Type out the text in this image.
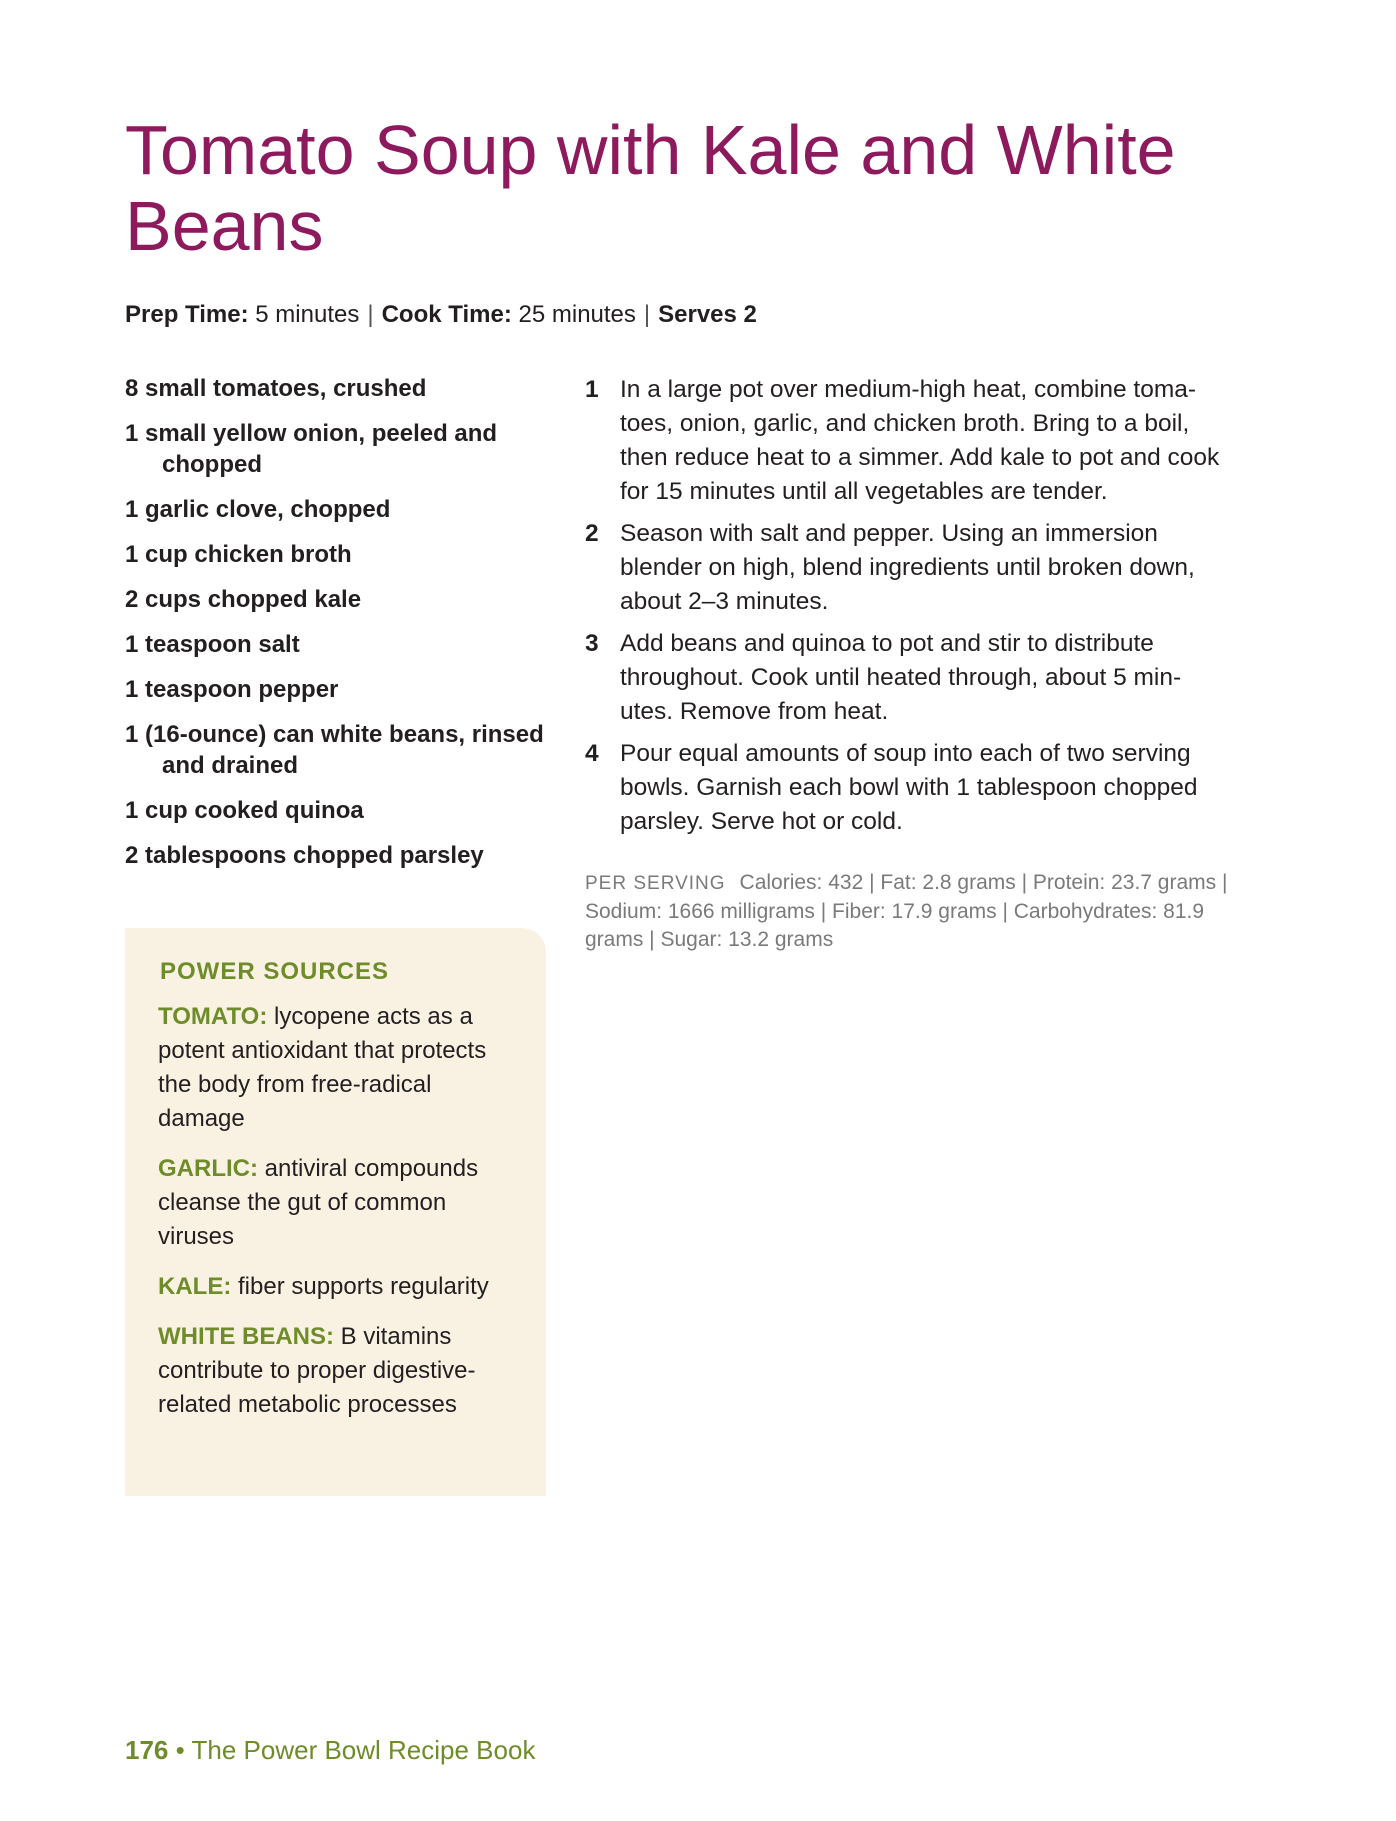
Tomato Soup with Kale and White Beans
Prep Time: 5 minutes | Cook Time: 25 minutes | Serves 2
8 small tomatoes, crushed
1 small yellow onion, peeled and chopped
1 garlic clove, chopped
1 cup chicken broth
2 cups chopped kale
1 teaspoon salt
1 teaspoon pepper
1 (16-ounce) can white beans, rinsed and drained
1 cup cooked quinoa
2 tablespoons chopped parsley
1 In a large pot over medium-high heat, combine toma- toes, onion, garlic, and chicken broth. Bring to a boil, then reduce heat to a simmer. Add kale to pot and cook for 15 minutes until all vegetables are tender.
2 Season with salt and pepper. Using an immersion blender on high, blend ingredients until broken down, about 2–3 minutes.
3 Add beans and quinoa to pot and stir to distribute throughout. Cook until heated through, about 5 min- utes. Remove from heat.
4 Pour equal amounts of soup into each of two serving bowls. Garnish each bowl with 1 tablespoon chopped parsley. Serve hot or cold.
PER SERVING Calories: 432 | Fat: 2.8 grams | Protein: 23.7 grams | Sodium: 1666 milligrams | Fiber: 17.9 grams | Carbohydrates: 81.9 grams | Sugar: 13.2 grams
POWER SOURCES
TOMATO: lycopene acts as a potent antioxidant that protects the body from free-radical damage
GARLIC: antiviral compounds cleanse the gut of common viruses
KALE: fiber supports regularity
WHITE BEANS: B vitamins contribute to proper digestive-related metabolic processes
176 • The Power Bowl Recipe Book
